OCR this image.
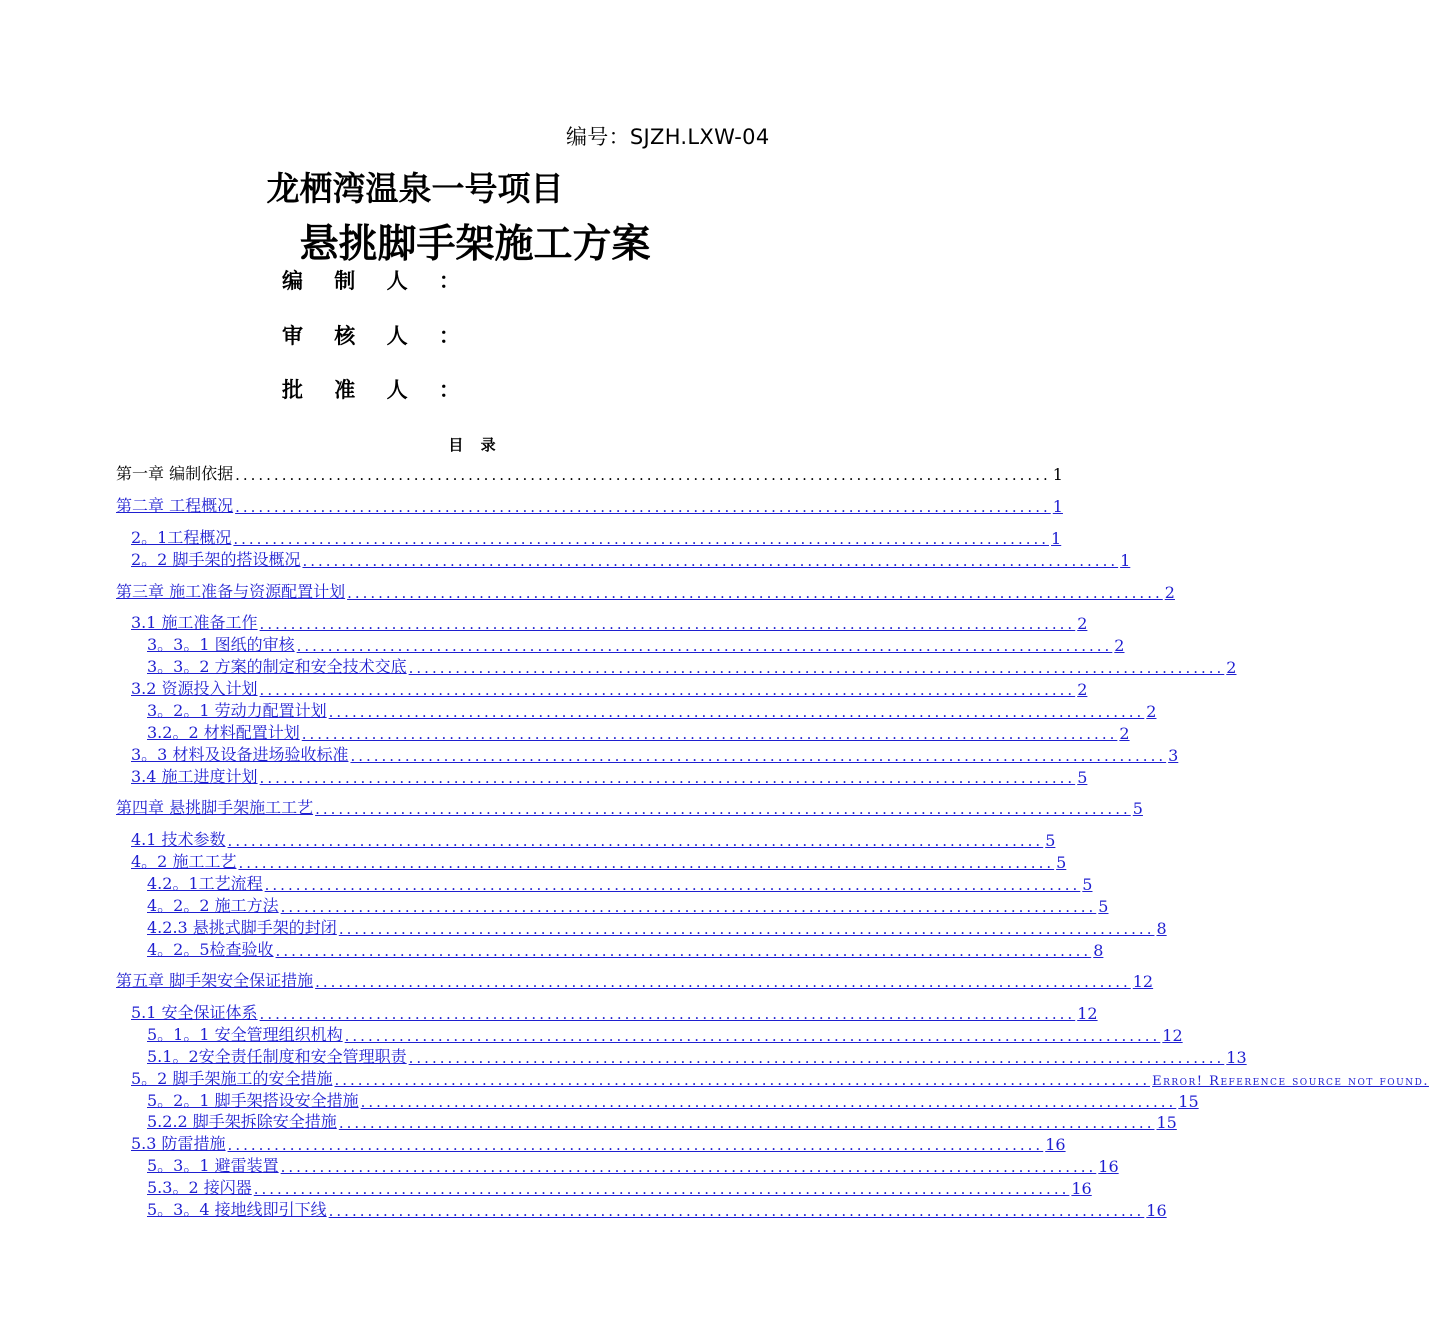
编号：SJZH.LXW-04
龙栖湾温泉一号项目
悬挑脚手架施工方案
编 制 人 ：
审 核 人 ：
批 准 人 ：
目 录
第一章 编制依据 ......................................................................................................... 1
第二章 工程概况 ......................................................................................................... 1
2。1工程概况 ......................................................................................................... 1
2。2 脚手架的搭设概况 ......................................................................................................... 1
第三章 施工准备与资源配置计划 ......................................................................................................... 2
3.1 施工准备工作 ......................................................................................................... 2
3。3。1 图纸的审核 ......................................................................................................... 2
3。3。2 方案的制定和安全技术交底 ......................................................................................................... 2
3.2 资源投入计划 ......................................................................................................... 2
3。2。1 劳动力配置计划 ......................................................................................................... 2
3.2。2 材料配置计划 ......................................................................................................... 2
3。3 材料及设备进场验收标准 ......................................................................................................... 3
3.4 施工进度计划 ......................................................................................................... 5
第四章 悬挑脚手架施工工艺 ......................................................................................................... 5
4.1 技术参数 ......................................................................................................... 5
4。2 施工工艺 ......................................................................................................... 5
4.2。1工艺流程 ......................................................................................................... 5
4。2。2 施工方法 ......................................................................................................... 5
4.2.3 悬挑式脚手架的封闭 ......................................................................................................... 8
4。2。5检查验收 ......................................................................................................... 8
第五章 脚手架安全保证措施 ......................................................................................................... 12
5.1 安全保证体系 ......................................................................................................... 12
5。1。1 安全管理组织机构 ......................................................................................................... 12
5.1。2安全责任制度和安全管理职责 ......................................................................................................... 13
5。2 脚手架施工的安全措施 ......................................................................................................... Error! Reference source not found.
5。2。1 脚手架搭设安全措施 ......................................................................................................... 15
5.2.2 脚手架拆除安全措施 ......................................................................................................... 15
5.3 防雷措施 ......................................................................................................... 16
5。3。1 避雷装置 ......................................................................................................... 16
5.3。2 接闪器 ......................................................................................................... 16
5。3。4 接地线即引下线 ......................................................................................................... 16
